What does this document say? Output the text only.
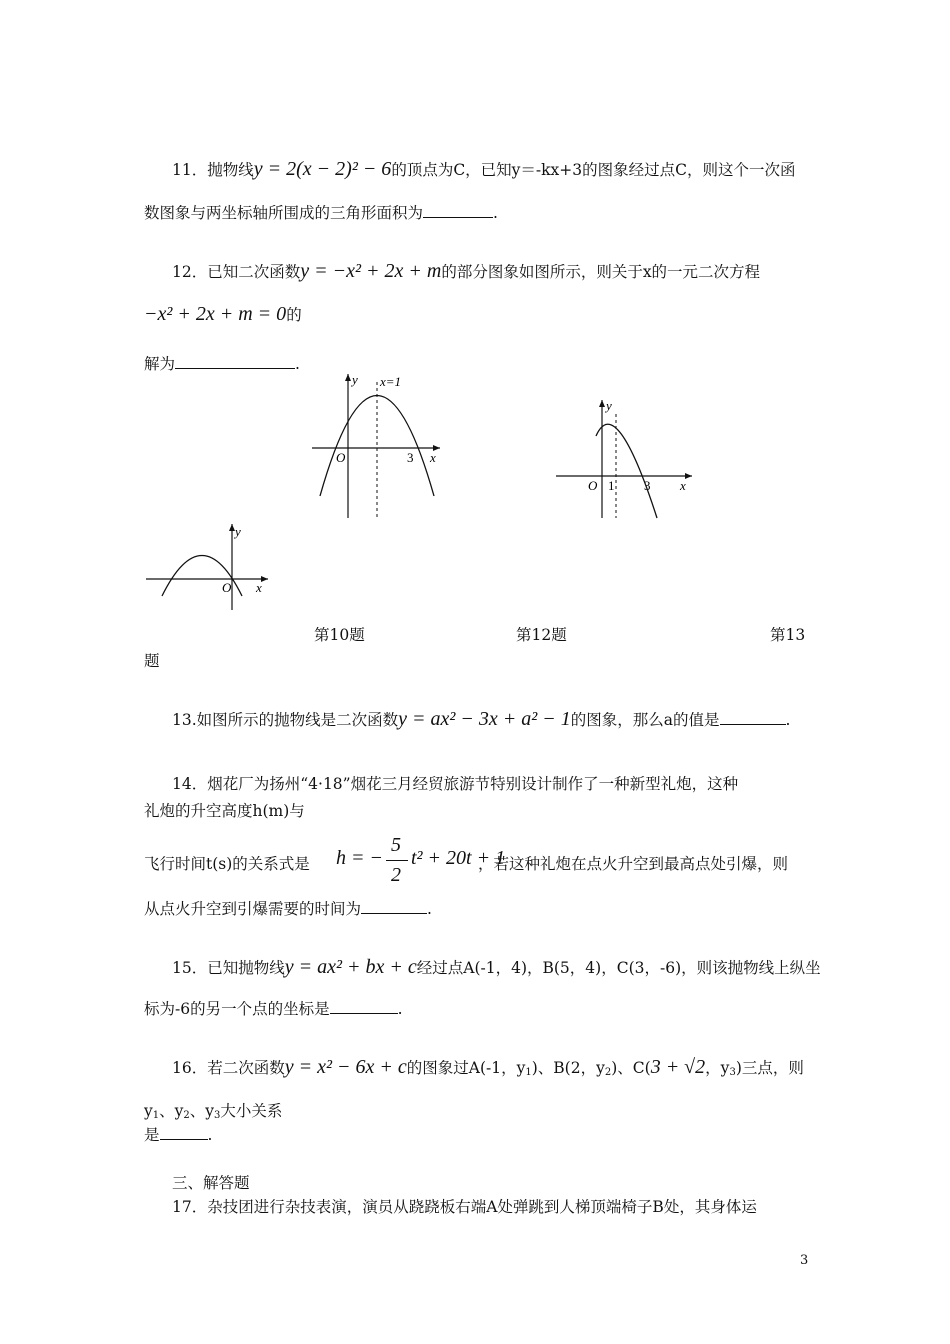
11．抛物线y = 2(x − 2)² − 6的顶点为C，已知y＝-kx+3的图象经过点C，则这个一次函
数图象与两坐标轴所围成的三角形面积为	.
12．已知二次函数y = −x² + 2x + m的部分图象如图所示，则关于x的一元二次方程
−x² + 2x + m = 0的
解为	.
y x=1
O	3 x
y
O 1 3 x
y
O x
第10题	第12题	第13
题
13.如图所示的抛物线是二次函数y = ax² − 3x + a² − 1的图象，那么a的值是	.
14．烟花厂为扬州“4·18”烟花三月经贸旅游节特别设计制作了一种新型礼炮，这种
礼炮的升空高度h(m)与
飞行时间t(s)的关系式是 h = − $\frac{5}{2} t^2 + 20t + 1$
，若这种礼炮在点火升空到最高点处引爆，则
从点火升空到引爆需要的时间为	.
15．已知抛物线y = ax² + bx + c经过点A(-1，4)，B(5，4)，C(3，-6)，则该抛物线上纵坐
标为-6的另一个点的坐标是	.
16．若二次函数y = x² − 6x + c的图象过A(-1，$y_1$)、B(2，$y_2$)、C(3 + √2，$y_3$)三点，则
$y_1$、$y_2$、$y_3$大小关系
是	.
三、解答题
17．杂技团进行杂技表演，演员从跷跷板右端A处弹跳到人梯顶端椅子B处，其身体运
3
